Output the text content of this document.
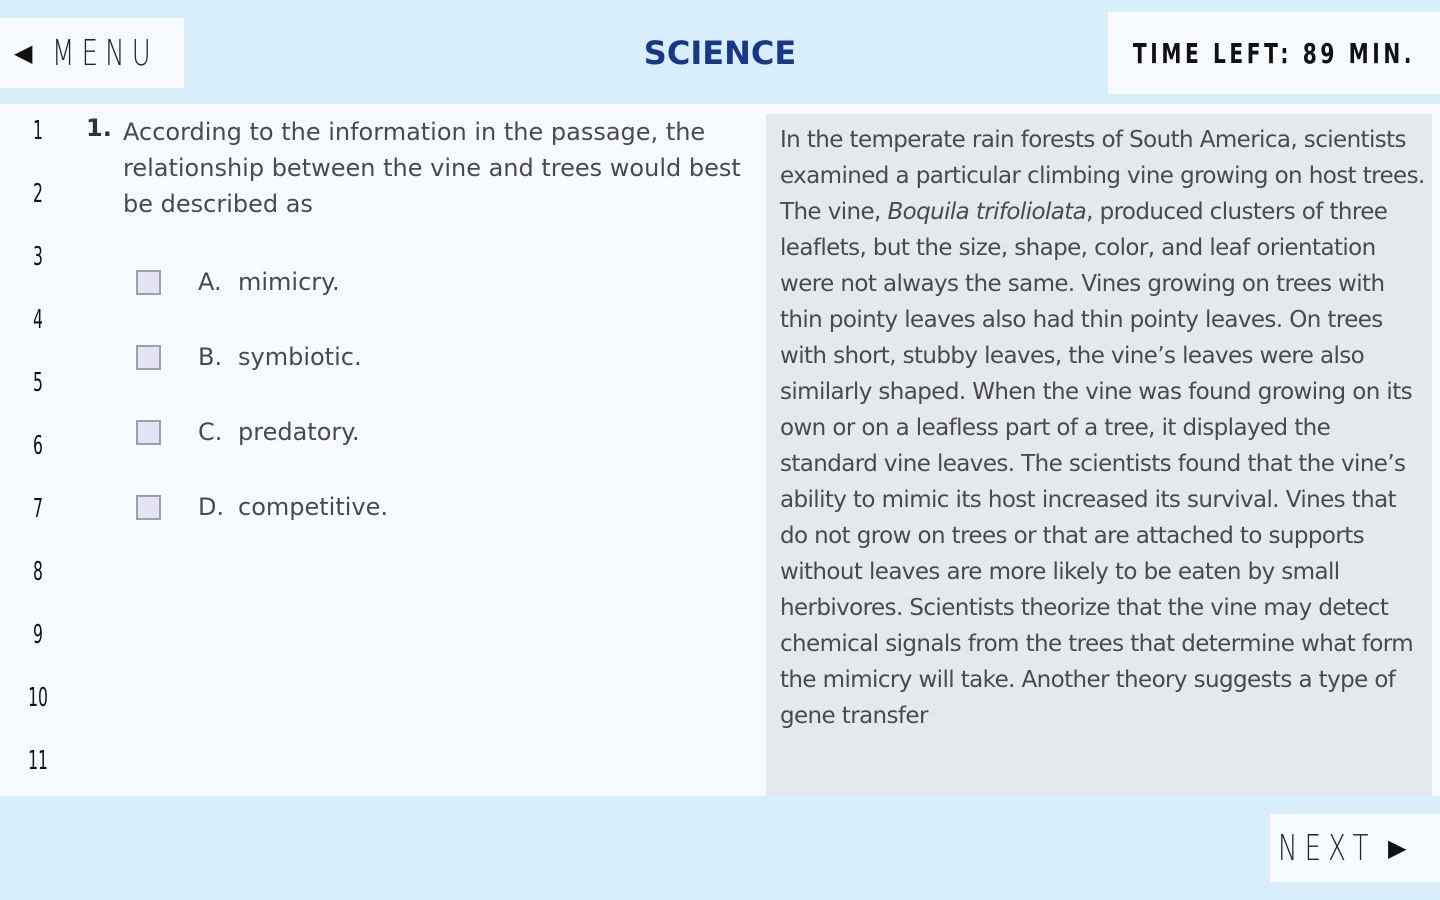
◀ MENU	SCIENCE	TIME LEFT: 89 MIN.
1
2
3
4
5
6
7
8
9
10
11
1. According to the information in the passage, the relationship between the vine and trees would best be described as
A. mimicry.
B. symbiotic.
C. predatory.
D. competitive.

In the temperate rain forests of South America, scientists examined a particular climbing vine growing on host trees. The vine, Boquila trifoliolata, produced clusters of three leaflets, but the size, shape, color, and leaf orientation were not always the same. Vines growing on trees with thin pointy leaves also had thin pointy leaves. On trees with short, stubby leaves, the vine’s leaves were also similarly shaped. When the vine was found growing on its own or on a leafless part of a tree, it displayed the standard vine leaves. The scientists found that the vine’s ability to mimic its host increased its survival. Vines that do not grow on trees or that are attached to supports without leaves are more likely to be eaten by small herbivores. Scientists theorize that the vine may detect chemical signals from the trees that determine what form the mimicry will take. Another theory suggests a type of gene transfer

NEXT ▶
